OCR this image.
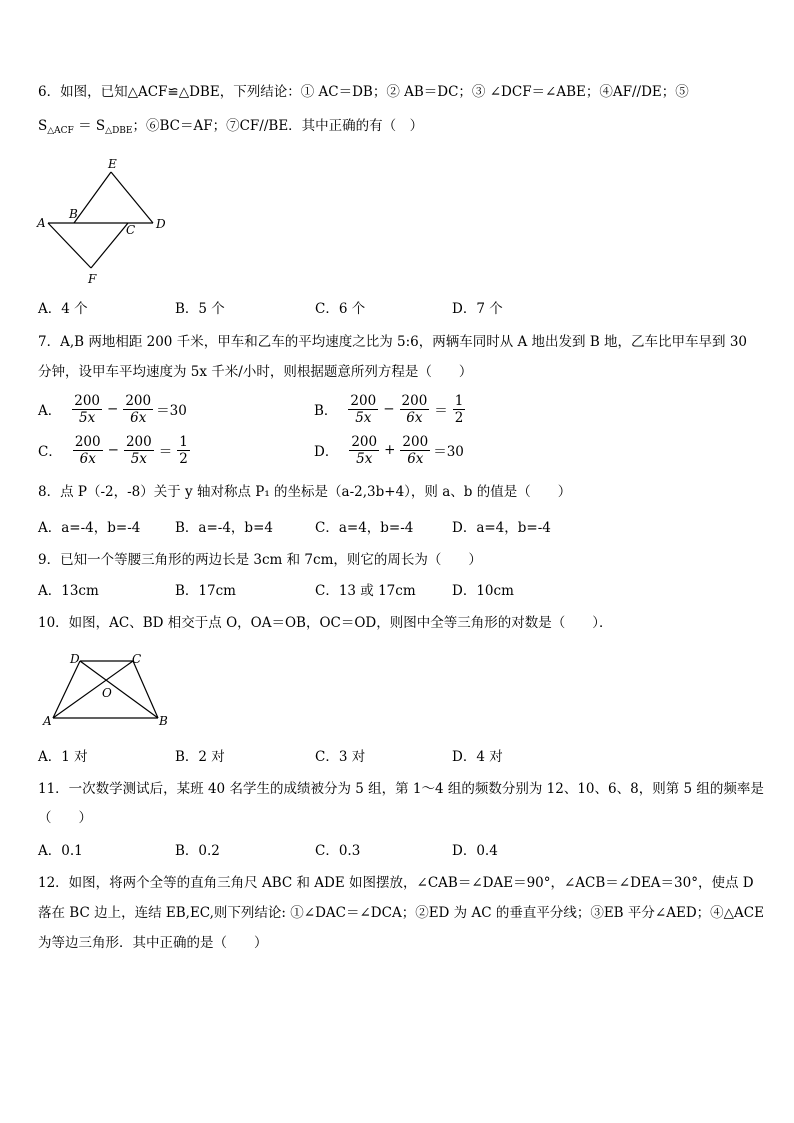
6．如图，已知△ACF≌△DBE，下列结论：① AC＝DB；② AB＝DC；③ ∠DCF＝∠ABE；④AF//DE；⑤
$S_{\triangle ACF} = S_{\triangle DBE}$；⑥BC＝AF；⑦CF//BE．其中正确的有（　）
E
A
B
C D
F
A．4 个	B．5 个	C．6 个	D．7 个
7．A,B 两地相距 200 千米，甲车和乙车的平均速度之比为 5:6，两辆车同时从 A 地出发到 B 地，乙车比甲车早到 30
分钟，设甲车平均速度为 5x 千米/小时，则根据题意所列方程是（　　）
A． $\frac{200}{5x} - \frac{200}{6x} =30$	B． $\frac{200}{5x} - \frac{200}{6x} = \frac{1}{2}$
C． $\frac{200}{6x} - \frac{200}{5x} = \frac{1}{2}$	D． $\frac{200}{5x} + \frac{200}{6x} =30$
8．点 P（-2，-8）关于 y 轴对称点 P₁ 的坐标是（a-2,3b+4），则 a、b 的值是（　　）
A．a=-4，b=-4	B．a=-4，b=4	C．a=4，b=-4	D．a=4，b=-4
9．已知一个等腰三角形的两边长是 3cm 和 7cm，则它的周长为（　　）
A．13cm	B．17cm	C．13 或 17cm	D．10cm
10．如图，AC、BD 相交于点 O，OA＝OB，OC＝OD，则图中全等三角形的对数是（　　）．
D	C
O
A	B
A．1 对	B．2 对	C．3 对	D．4 对
11．一次数学测试后，某班 40 名学生的成绩被分为 5 组，第 1～4 组的频数分别为 12、10、6、8，则第 5 组的频率是
（　　）
A．0.1	B．0.2	C．0.3	D．0.4
12．如图，将两个全等的直角三角尺 ABC 和 ADE 如图摆放，∠CAB＝∠DAE＝90°，∠ACB＝∠DEA＝30°，使点 D
落在 BC 边上，连结 EB,EC,则下列结论: ①∠DAC＝∠DCA；②ED 为 AC 的垂直平分线；③EB 平分∠AED；④△ACE
为等边三角形．其中正确的是（　　）
